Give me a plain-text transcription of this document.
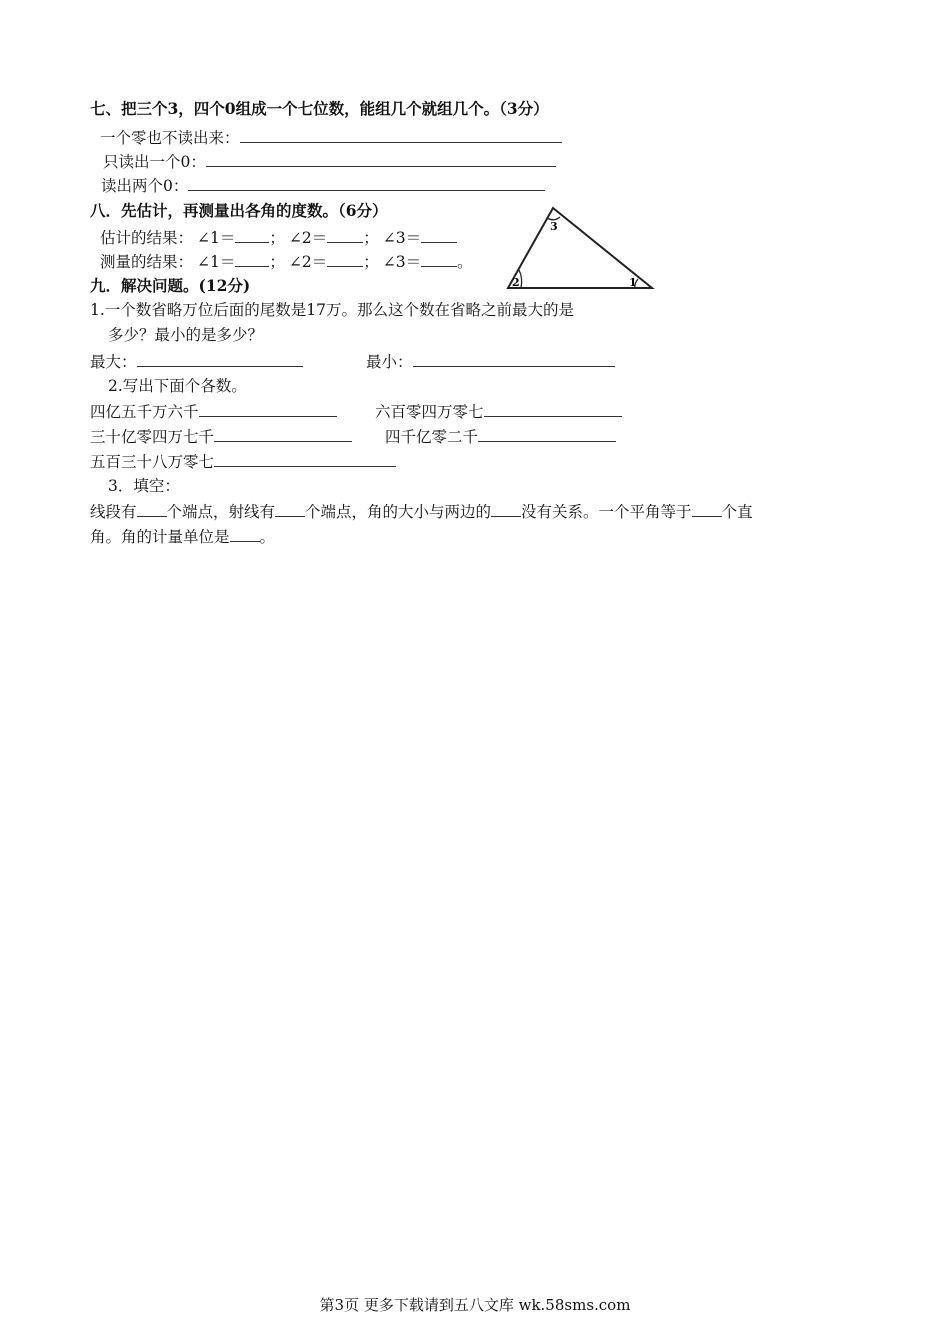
七、把三个3，四个0组成一个七位数，能组几个就组几个。（3分）
一个零也不读出来：
只读出一个0：
读出两个0：
八．先估计，再测量出各角的度数。（6分）
估计的结果： ∠1＝ ； ∠2＝ ； ∠3＝
测量的结果： ∠1＝ ； ∠2＝ ； ∠3＝ 。
3
2	1
九．解决问题。(12分)
1.一个数省略万位后面的尾数是17万。那么这个数在省略之前最大的是
多少？最小的是多少？
最大：	最小：
2.写出下面个各数。
四亿五千万六千	六百零四万零七
三十亿零四万七千	四千亿零二千
五百三十八万零七
3．填空：
线段有 个端点，射线有 个端点，角的大小与两边的 没有关系。一个平角等于 个直
角。角的计量单位是 。
第3页 更多下载请到五八文库 wk.58sms.com
